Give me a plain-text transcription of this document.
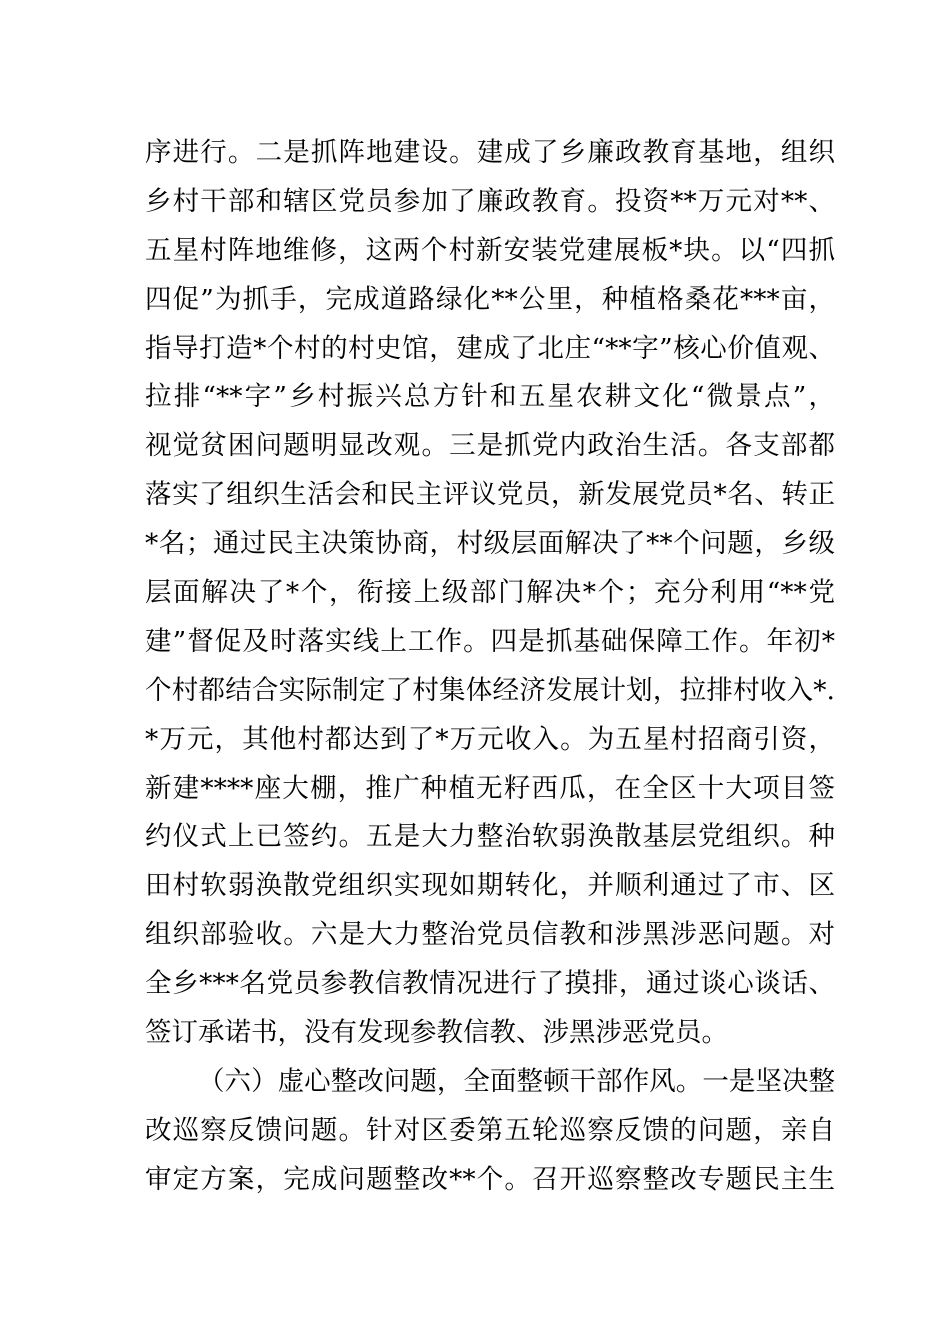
序进行。二是抓阵地建设。建成了乡廉政教育基地，组织
乡村干部和辖区党员参加了廉政教育。投资**万元对**、
五星村阵地维修，这两个村新安装党建展板*块。以“四抓
四促”为抓手，完成道路绿化**公里，种植格桑花***亩，
指导打造*个村的村史馆，建成了北庄“**字”核心价值观、
拉排“**字”乡村振兴总方针和五星农耕文化“微景点”，
视觉贫困问题明显改观。三是抓党内政治生活。各支部都
落实了组织生活会和民主评议党员，新发展党员*名、转正
*名；通过民主决策协商，村级层面解决了**个问题，乡级
层面解决了*个，衔接上级部门解决*个；充分利用“**党
建”督促及时落实线上工作。四是抓基础保障工作。年初*
个村都结合实际制定了村集体经济发展计划，拉排村收入*.
*万元，其他村都达到了*万元收入。为五星村招商引资，
新建****座大棚，推广种植无籽西瓜，在全区十大项目签
约仪式上已签约。五是大力整治软弱涣散基层党组织。种
田村软弱涣散党组织实现如期转化，并顺利通过了市、区
组织部验收。六是大力整治党员信教和涉黑涉恶问题。对
全乡***名党员参教信教情况进行了摸排，通过谈心谈话、
签订承诺书，没有发现参教信教、涉黑涉恶党员。
（六）虚心整改问题，全面整顿干部作风。一是坚决整
改巡察反馈问题。针对区委第五轮巡察反馈的问题，亲自
审定方案，完成问题整改**个。召开巡察整改专题民主生
